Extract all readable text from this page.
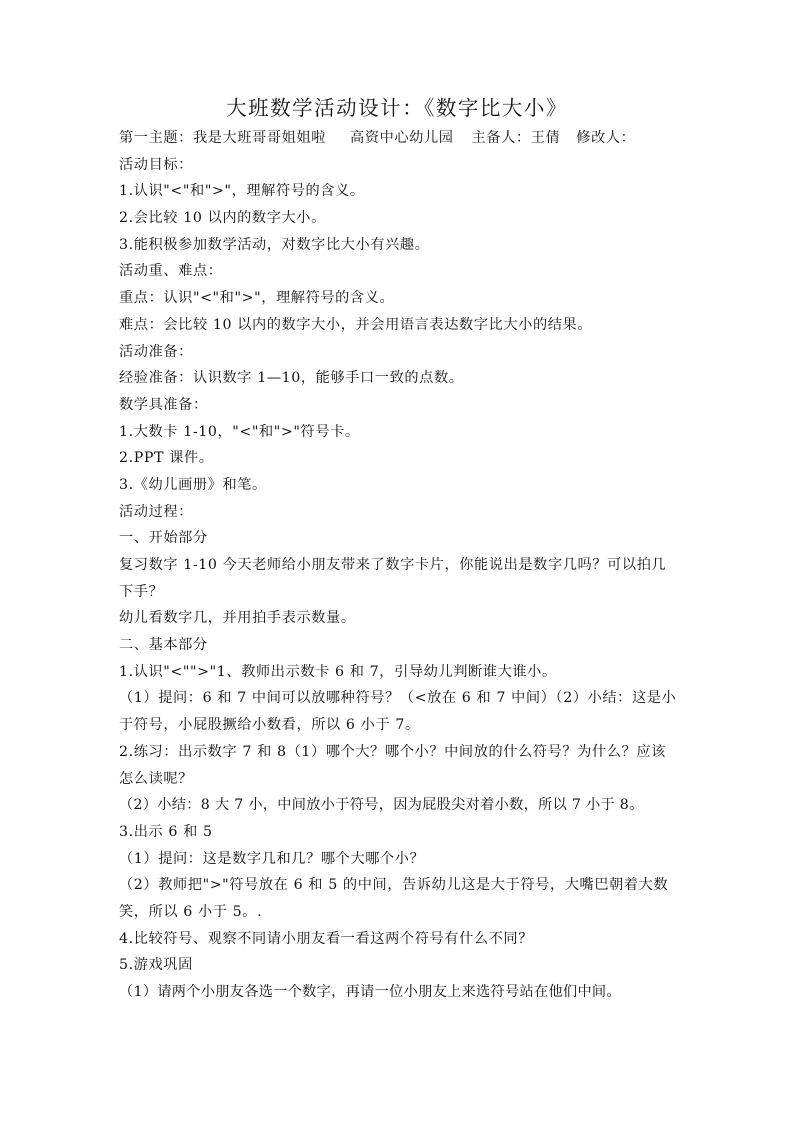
大班数学活动设计：《数字比大小》
第一主题：我是大班哥哥姐姐啦 高资中心幼儿园 主备人：王倩 修改人：
活动目标：
1.认识"<"和">"，理解符号的含义。
2.会比较 10 以内的数字大小。
3.能积极参加数学活动，对数字比大小有兴趣。
活动重、难点：
重点：认识"<"和">"，理解符号的含义。
难点：会比较 10 以内的数字大小，并会用语言表达数字比大小的结果。
活动准备：
经验准备：认识数字 1—10，能够手口一致的点数。
数学具准备：
1.大数卡 1-10，"<"和">"符号卡。
2.PPT 课件。
3.《幼儿画册》和笔。
活动过程：
一、开始部分
复习数字 1-10 今天老师给小朋友带来了数字卡片，你能说出是数字几吗？可以拍几下手？
幼儿看数字几，并用拍手表示数量。
二、基本部分
1.认识"<"">"1、教师出示数卡 6 和 7，引导幼儿判断谁大谁小。
（1）提问：6 和 7 中间可以放哪种符号？（<放在 6 和 7 中间）（2）小结：这是小于符号，小屁股撅给小数看，所以 6 小于 7。
2.练习：出示数字 7 和 8（1）哪个大？哪个小？中间放的什么符号？为什么？应该怎么读呢？
（2）小结：8 大 7 小，中间放小于符号，因为屁股尖对着小数，所以 7 小于 8。
3.出示 6 和 5
（1）提问：这是数字几和几？哪个大哪个小？
（2）教师把">"符号放在 6 和 5 的中间，告诉幼儿这是大于符号，大嘴巴朝着大数笑，所以 6 小于 5。.
4.比较符号、观察不同请小朋友看一看这两个符号有什么不同？
5.游戏巩固
（1）请两个小朋友各选一个数字，再请一位小朋友上来选符号站在他们中间。
